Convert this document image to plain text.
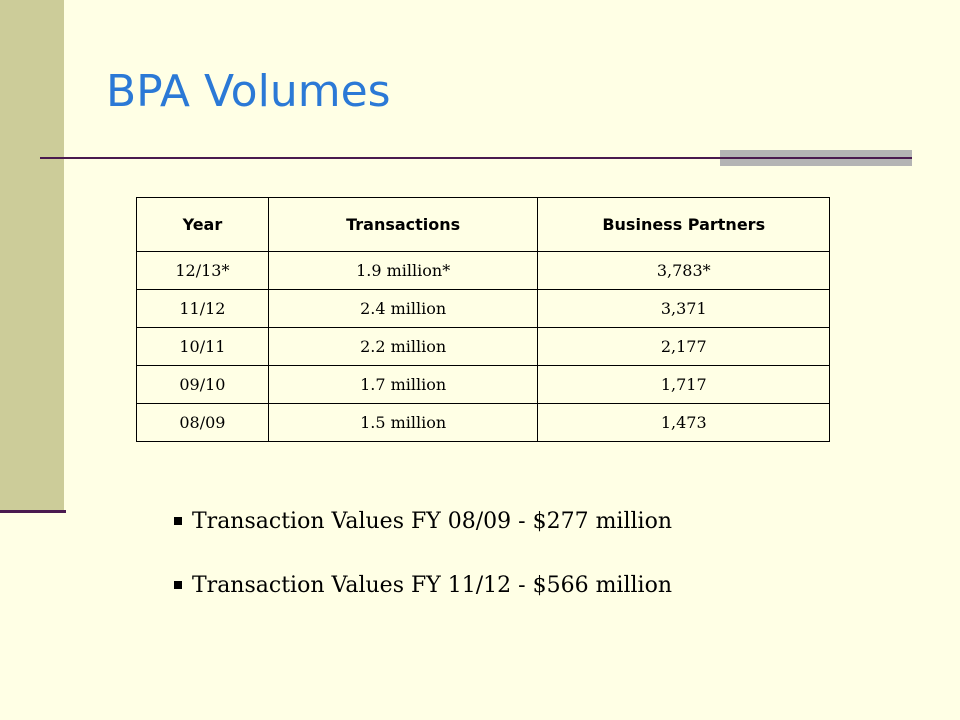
BPA Volumes
Year	Transactions	Business Partners
12/13*	1.9 million*	3,783*
11/12	2.4 million	3,371
10/11	2.2 million	2,177
09/10	1.7 million	1,717
08/09	1.5 million	1,473
Transaction Values FY 08/09 - $277 million
Transaction Values FY 11/12 - $566 million
